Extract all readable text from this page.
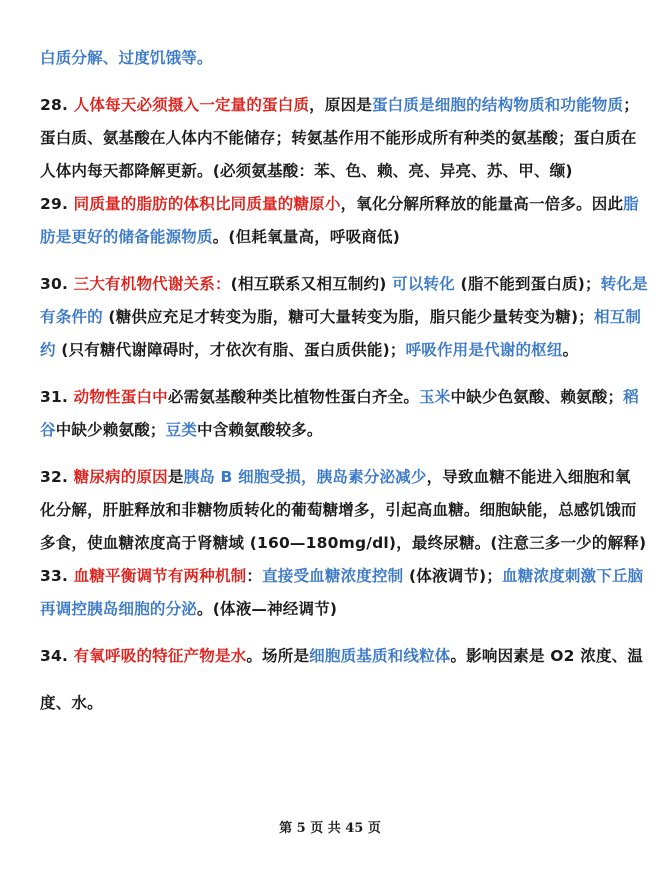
白质分解、过度饥饿等。
28. 人体每天必须摄入一定量的蛋白质，原因是蛋白质是细胞的结构物质和功能物质；
蛋白质、氨基酸在人体内不能储存；转氨基作用不能形成所有种类的氨基酸；蛋白质在
人体内每天都降解更新。(必须氨基酸：苯、色、赖、亮、异亮、苏、甲、缬)
29. 同质量的脂肪的体积比同质量的糖原小，氧化分解所释放的能量高一倍多。因此脂
肪是更好的储备能源物质。(但耗氧量高，呼吸商低)
30. 三大有机物代谢关系：(相互联系又相互制约) 可以转化 (脂不能到蛋白质)；转化是
有条件的 (糖供应充足才转变为脂，糖可大量转变为脂，脂只能少量转变为糖)；相互制
约 (只有糖代谢障碍时，才依次有脂、蛋白质供能)；呼吸作用是代谢的枢纽。
31. 动物性蛋白中必需氨基酸种类比植物性蛋白齐全。玉米中缺少色氨酸、赖氨酸；稻
谷中缺少赖氨酸；豆类中含赖氨酸较多。
32. 糖尿病的原因是胰岛 B 细胞受损，胰岛素分泌减少，导致血糖不能进入细胞和氧
化分解，肝脏释放和非糖物质转化的葡萄糖增多，引起高血糖。细胞缺能，总感饥饿而
多食，使血糖浓度高于肾糖域 (160—180mg/dl)，最终尿糖。(注意三多一少的解释)
33. 血糖平衡调节有两种机制：直接受血糖浓度控制 (体液调节)；血糖浓度刺激下丘脑
再调控胰岛细胞的分泌。(体液—神经调节)
34. 有氧呼吸的特征产物是水。场所是细胞质基质和线粒体。影响因素是 O2 浓度、温
度、水。
第 5 页 共 45 页
